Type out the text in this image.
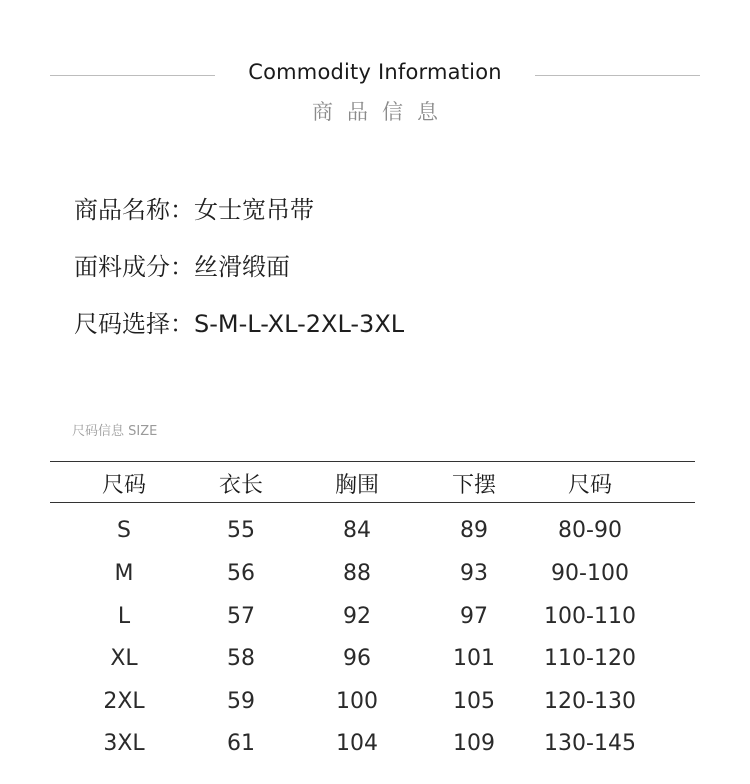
Commodity Information
商品信息
商品名称：女士宽吊带
面料成分：丝滑缎面
尺码选择：S-M-L-XL-2XL-3XL
尺码信息 SIZE
尺码	衣长	胸围	下摆	尺码
S	55	84	89	80-90
M	56	88	93	90-100
L	57	92	97	100-110
XL	58	96	101	110-120
2XL	59	100	105	120-130
3XL	61	104	109	130-145
